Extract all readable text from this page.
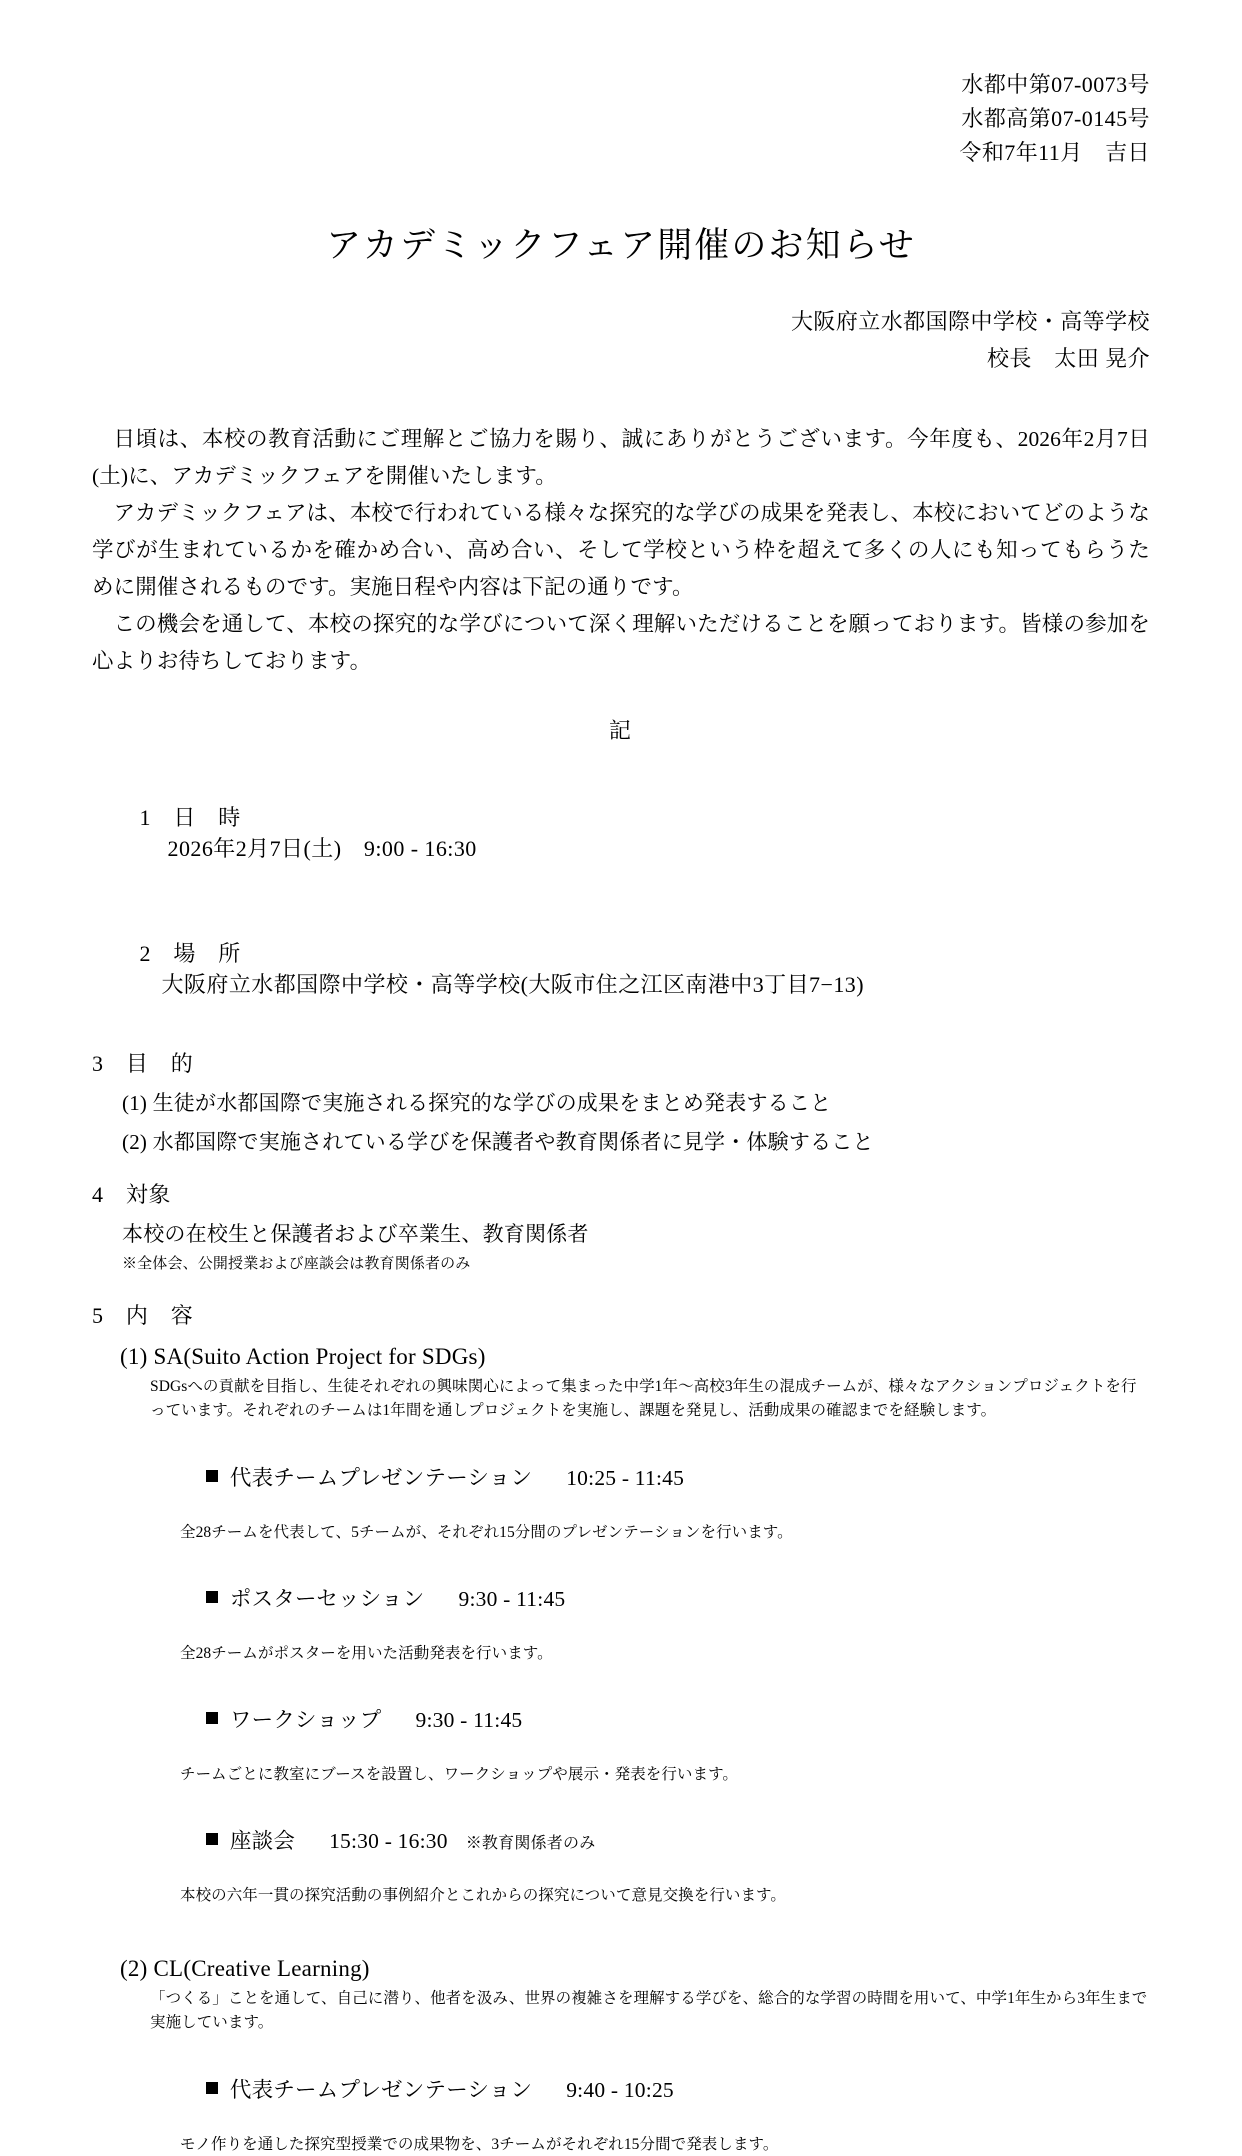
水都中第07-0073号
水都高第07-0145号
令和7年11月　吉日
アカデミックフェア開催のお知らせ
大阪府立水都国際中学校・高等学校
校長　太田 晃介

日頃は、本校の教育活動にご理解とご協力を賜り、誠にありがとうございます。今年度も、2026年2月7日(土)に、アカデミックフェアを開催いたします。

アカデミックフェアは、本校で行われている様々な探究的な学びの成果を発表し、本校においてどのような学びが生まれているかを確かめ合い、高め合い、そして学校という枠を超えて多くの人にも知ってもらうために開催されるものです。実施日程や内容は下記の通りです。

この機会を通して、本校の探究的な学びについて深く理解いただけることを願っております。皆様の参加を心よりお待ちしております。

記

1　日　時
2026年2月7日(土)　9:00 - 16:30

2　場　所
大阪府立水都国際中学校・高等学校(大阪市住之江区南港中3丁目7−13)

3　目　的
(1) 生徒が水都国際で実施される探究的な学びの成果をまとめ発表すること
(2) 水都国際で実施されている学びを保護者や教育関係者に見学・体験すること
4　対象
本校の在校生と保護者および卒業生、教育関係者
※全体会、公開授業および座談会は教育関係者のみ
5　内　容
(1) SA(Suito Action Project for SDGs)
SDGsへの貢献を目指し、生徒それぞれの興味関心によって集まった中学1年〜高校3年生の混成チームが、様々なアクションプロジェクトを行っています。それぞれのチームは1年間を通しプロジェクトを実施し、課題を発見し、活動成果の確認までを経験します。

代表チームプレゼンテーション 10:25 - 11:45

全28チームを代表して、5チームが、それぞれ15分間のプレゼンテーションを行います。

ポスターセッション 9:30 - 11:45

全28チームがポスターを用いた活動発表を行います。

ワークショップ 9:30 - 11:45

チームごとに教室にブースを設置し、ワークショップや展示・発表を行います。

座談会 15:30 - 16:30 ※教育関係者のみ

本校の六年一貫の探究活動の事例紹介とこれからの探究について意見交換を行います。
(2) CL(Creative Learning)
「つくる」ことを通して、自己に潜り、他者を汲み、世界の複雑さを理解する学びを、総合的な学習の時間を用いて、中学1年生から3年生まで実施しています。

代表チームプレゼンテーション 9:40 - 10:25

モノ作りを通した探究型授業での成果物を、3チームがそれぞれ15分間で発表します。
